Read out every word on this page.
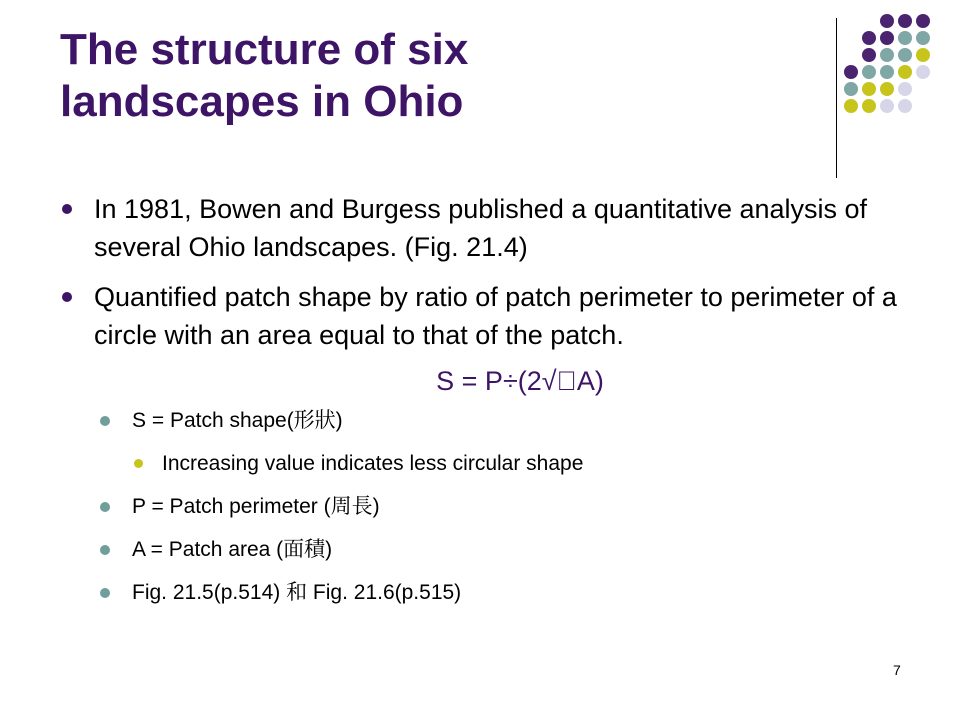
The structure of six
landscapes in Ohio
In 1981, Bowen and Burgess published a quantitative analysis of several Ohio landscapes. (Fig. 21.4)
Quantified patch shape by ratio of patch perimeter to perimeter of a circle with an area equal to that of the patch.
S = P÷(2√ A)
S = Patch shape(形狀)
Increasing value indicates less circular shape
P = Patch perimeter (周長)
A = Patch area (面積)
Fig. 21.5(p.514) 和 Fig. 21.6(p.515)
7
